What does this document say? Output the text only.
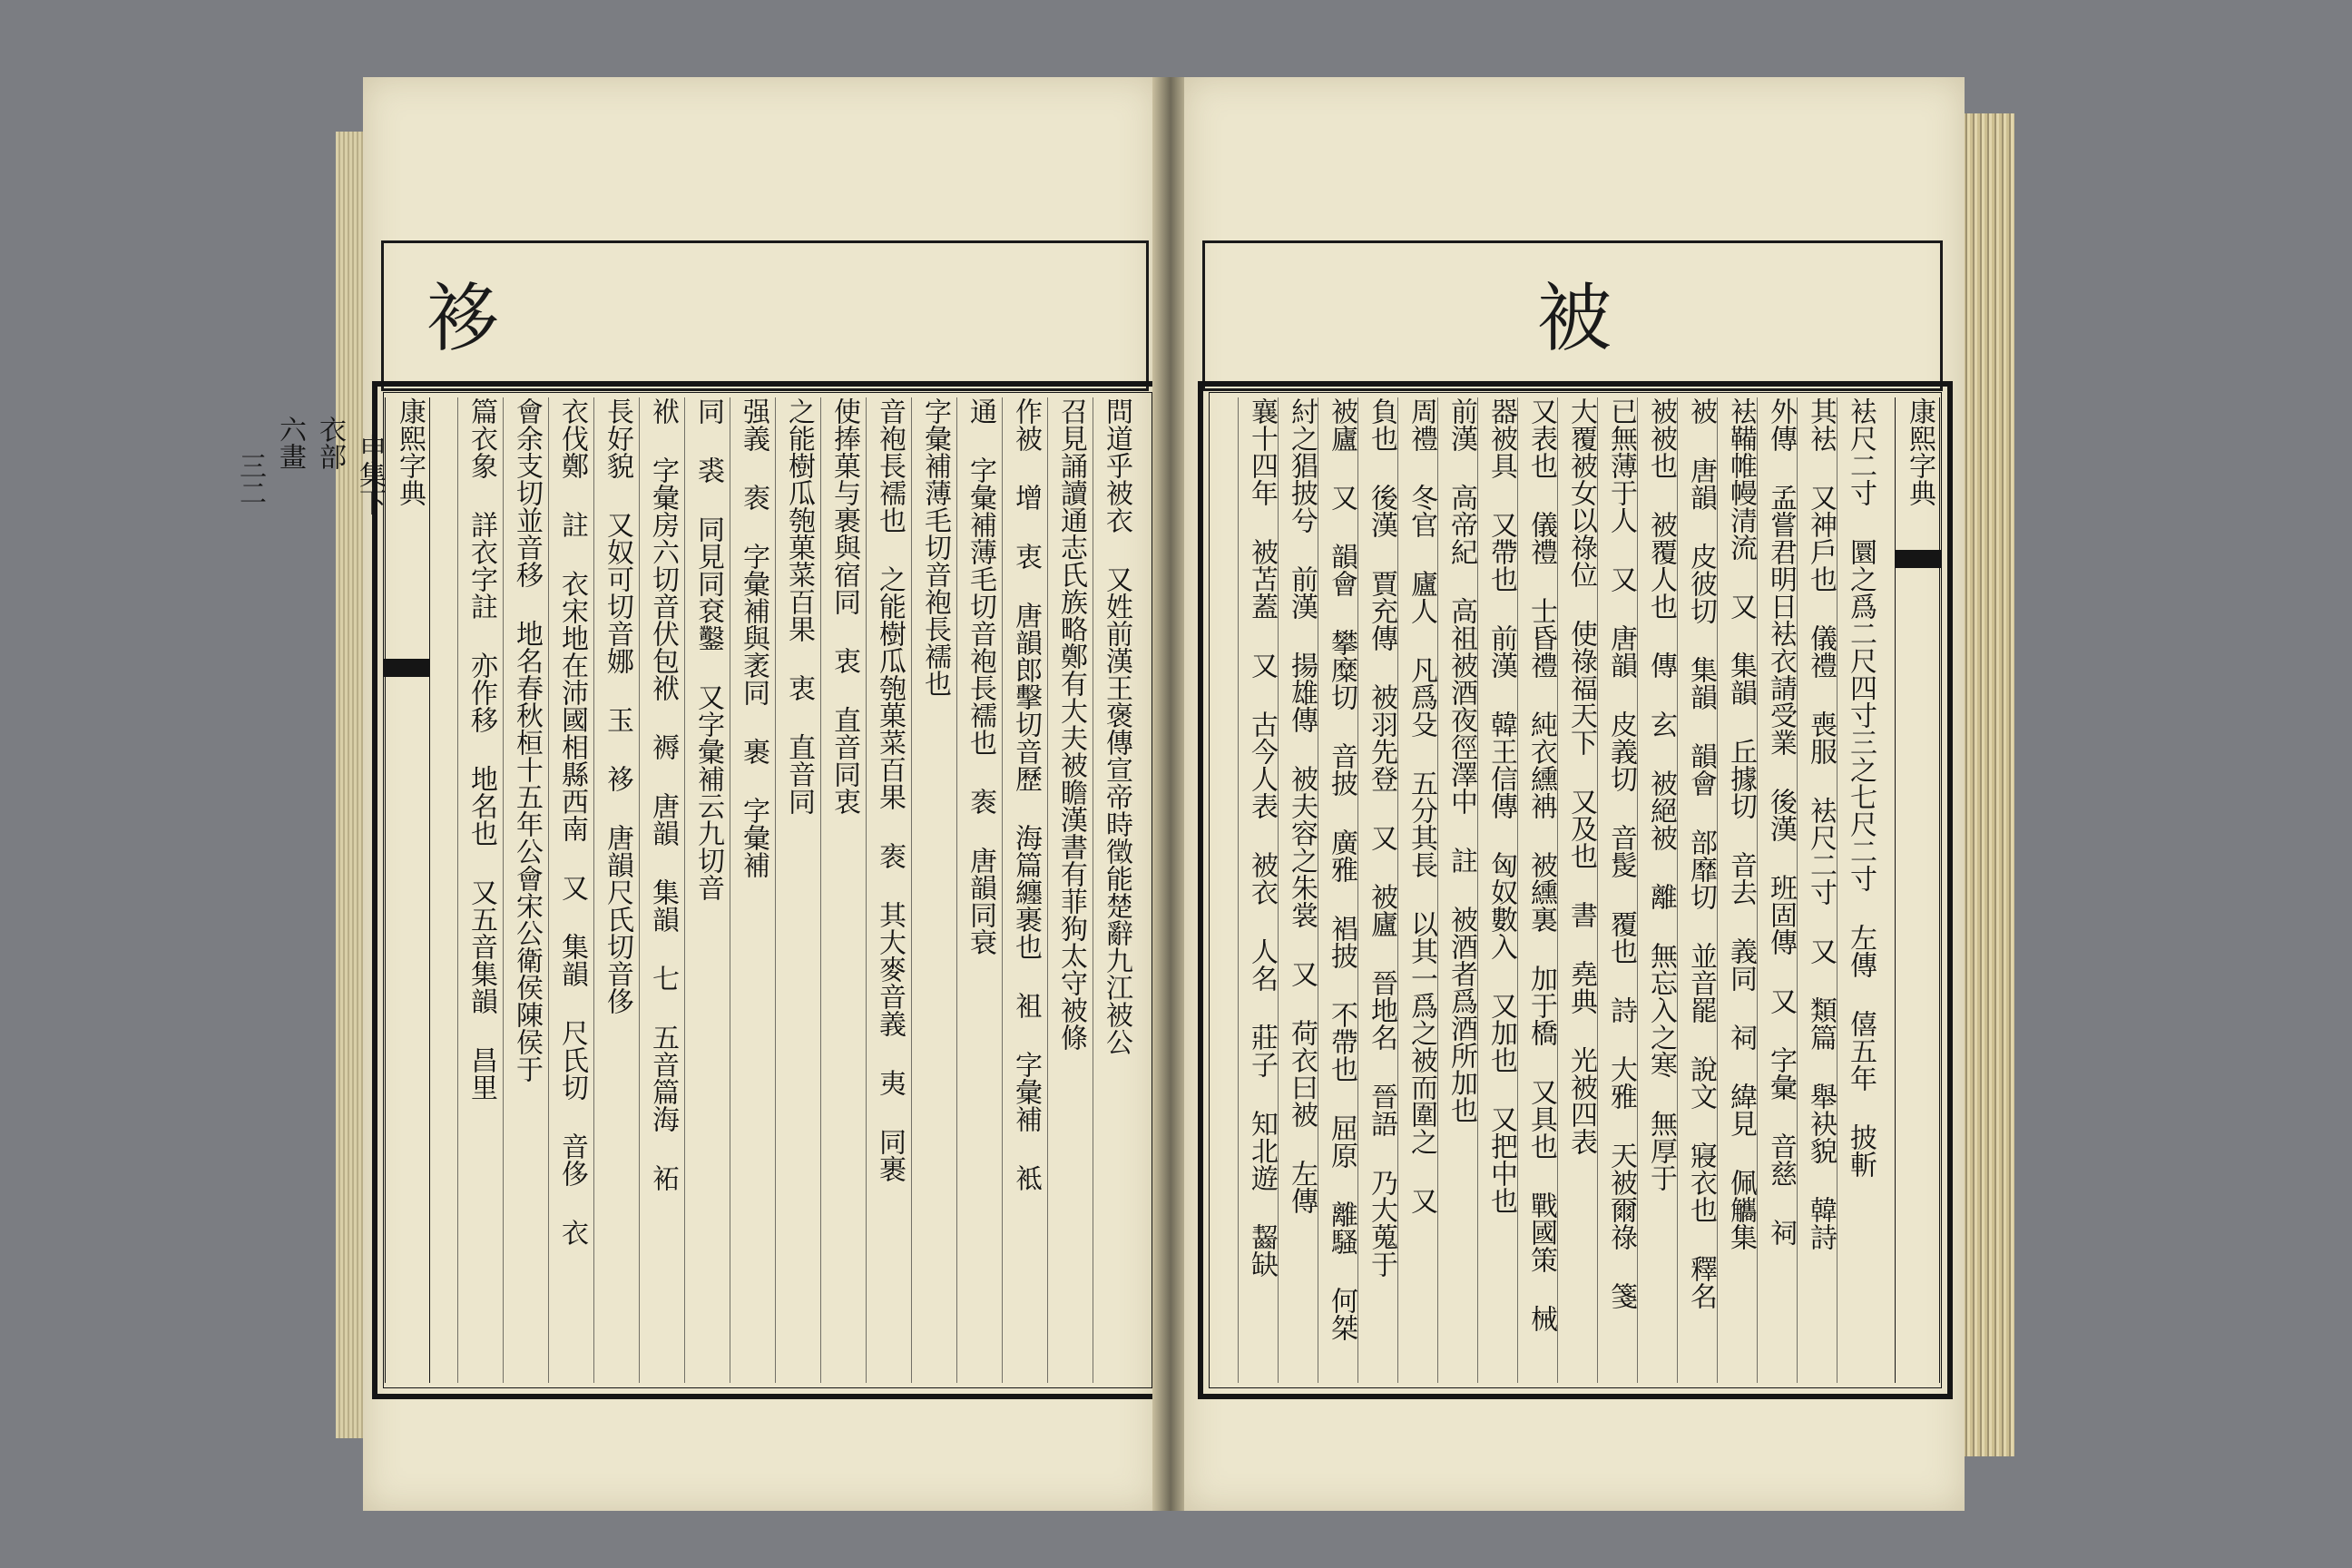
袳
康熙字典
申集下
衣部
六畫
三二	問道乎被衣 又姓前漢王褒傳宣帝時徵能楚辭九江被公
召見誦讀通志氏族略鄭有大夫被瞻漢書有菲狗太守被條
作被 增 衷 唐韻郎擊切音歷 海篇纏裹也 袓 字彙補 袛
通 字彙補薄毛切音袍長襦也 袠 唐韻同衰
字彙補薄毛切音袍長襦也
音袍長襦也 之能樹瓜匏菓菜百果 袠 其大麥音義 夷 同裹
使捧菓与裹與宿同 衷 直音同衷
之能樹瓜匏菓菜百果 衷 直音同
强義 袠 字彙補與袤同 裹 字彙補
同 裘 同見同袞鑿 又字彙補云九切音
袱 字彙房六切音伏包袱 褥 唐韻 集韻 七 五音篇海 袥
長好貌 又奴可切音娜 玉 袳 唐韻尺氏切音侈
衣伐鄭 註 衣宋地在沛國相縣西南 又 集韻 尺氏切 音侈 衣
會余支切並音移 地名春秋桓十五年公會宋公衛侯陳侯于
篇衣象 詳衣字註 亦作移 地名也 又五音集韻 昌里
被
康熙字典
袪尺二寸 圜之爲二尺四寸三之七尺二寸 左傳 僖五年 披斬
其袪 又神戶也 儀禮 喪服 袪尺二寸 又 類篇 舉袂貌 韓詩
外傳 孟嘗君明日袪衣請受業 後漢 班固傳 又 字彙 音慈 祠
袪鞴帷幔清流 又 集韻 丘據切 音去 義同 祠 緯見 佩觿集
被 唐韻 皮彼切 集韻 韻會 部靡切 並音罷 說文 寢衣也 釋名
被被也 被覆人也 傳 玄 被絕被 離 無忘入之寒 無厚于
已無薄于人 又 唐韻 皮義切 音髲 覆也 詩 大雅 天被爾祿 箋
大覆被女以祿位 使祿福天下 又及也 書 堯典 光被四表
又表也 儀禮 士昏禮 純衣纁袡 被纁裏 加于橋 又具也 戰國策 械
器被具 又帶也 前漢 韓王信傳 匈奴數入 又加也 又把中也
前漢 高帝紀 高祖被酒夜徑澤中 註 被酒者爲酒所加也
周禮 冬官 廬人 凡爲殳 五分其長 以其一爲之被而圍之 又
負也 後漢 賈充傳 被羽先登 又 被廬 晉地名 晉語 乃大蒐于
被廬 又 韻會 攀糜切 音披 廣雅 裮披 不帶也 屈原 離騷 何桀
紂之猖披兮 前漢 揚雄傳 被夫容之朱裳 又 荷衣曰被 左傳
襄十四年 被苫蓋 又 古今人表 被衣 人名 莊子 知北遊 齧缺
